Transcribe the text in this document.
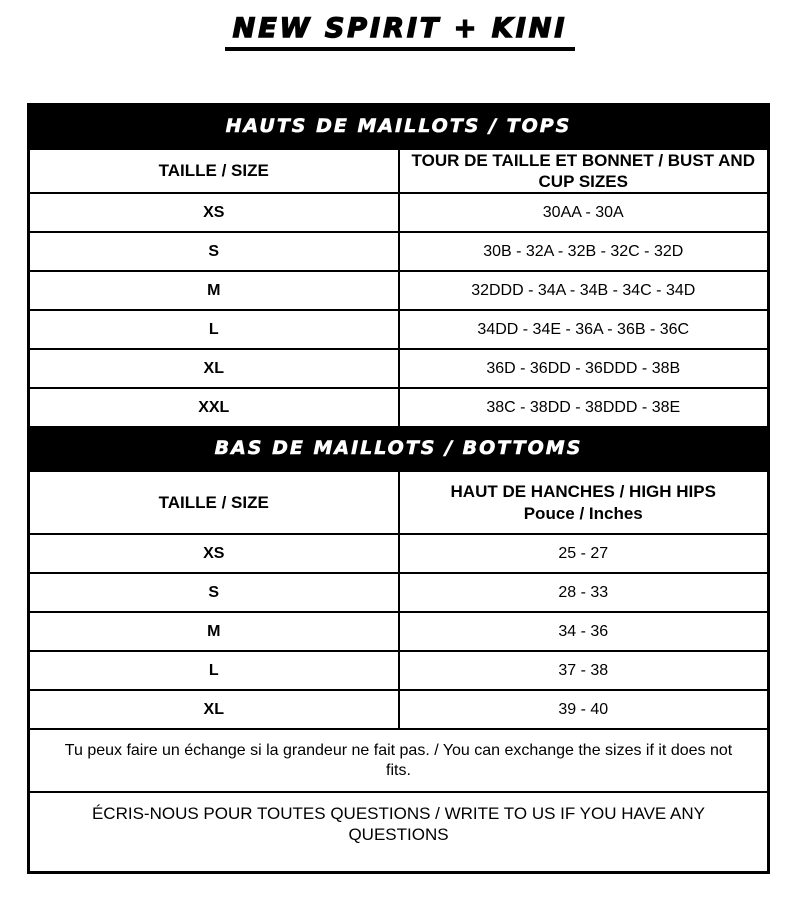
NEW SPIRIT + KINI
HAUTS DE MAILLOTS / TOPS	
TAILLE / SIZE	TOUR DE TAILLE ET BONNET / BUST AND CUP SIZES
XS	30AA - 30A
S	30B - 32A - 32B - 32C - 32D
M	32DDD - 34A - 34B - 34C - 34D
L	34DD - 34E - 36A - 36B - 36C
XL	36D - 36DD - 36DDD - 38B
XXL	38C - 38DD - 38DDD - 38E
BAS DE MAILLOTS / BOTTOMS	
TAILLE / SIZE	HAUT DE HANCHES / HIGH HIPS
Pouce / Inches

XS	25 - 27
S	28 - 33
M	34 - 36
L	37 - 38
XL	39 - 40

Tu peux faire un échange si la grandeur ne fait pas. / You can exchange the sizes if it does not fits.	

ÉCRIS-NOUS POUR TOUTES QUESTIONS / WRITE TO US IF YOU HAVE ANY QUESTIONS	
